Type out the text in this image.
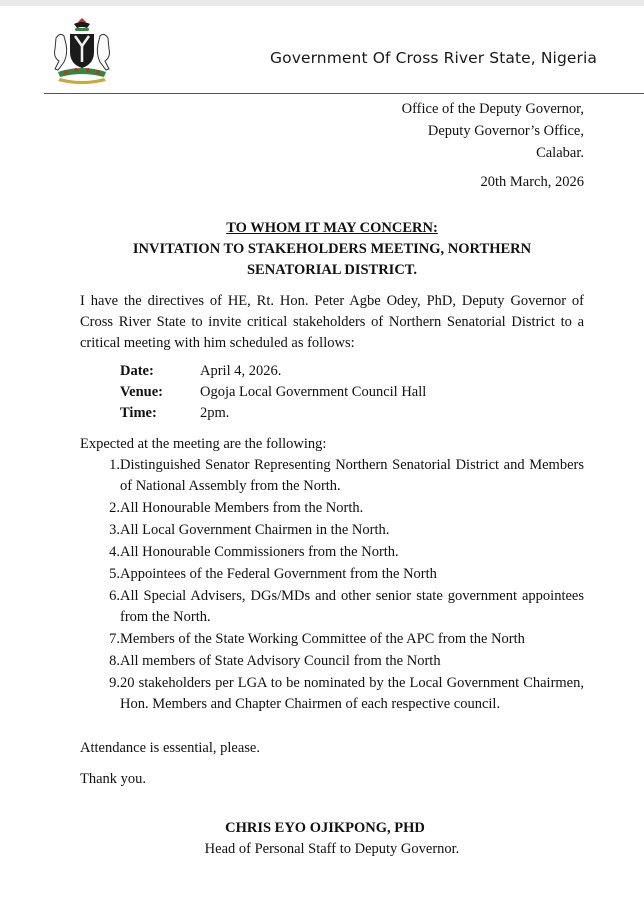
Government Of Cross River State, Nigeria
Office of the Deputy Governor,
Deputy Governor’s Office,
Calabar.
20th March, 2026
TO WHOM IT MAY CONCERN:
INVITATION TO STAKEHOLDERS MEETING, NORTHERN
SENATORIAL DISTRICT.
I have the directives of HE, Rt. Hon. Peter Agbe Odey, PhD, Deputy Governor of Cross River State to invite critical stakeholders of Northern Senatorial District to a critical meeting with him scheduled as follows:
Date:	April 4, 2026.
Venue:	Ogoja Local Government Council Hall
Time:	2pm.
Expected at the meeting are the following:
1. Distinguished Senator Representing Northern Senatorial District and Members of National Assembly from the North.
2. All Honourable Members from the North.
3. All Local Government Chairmen in the North.
4. All Honourable Commissioners from the North.
5. Appointees of the Federal Government from the North
6. All Special Advisers, DGs/MDs and other senior state government appointees from the North.
7. Members of the State Working Committee of the APC from the North
8. All members of State Advisory Council from the North
9. 20 stakeholders per LGA to be nominated by the Local Government Chairmen, Hon. Members and Chapter Chairmen of each respective council.
Attendance is essential, please.
Thank you.
CHRIS EYO OJIKPONG, PHD
Head of Personal Staff to Deputy Governor.
